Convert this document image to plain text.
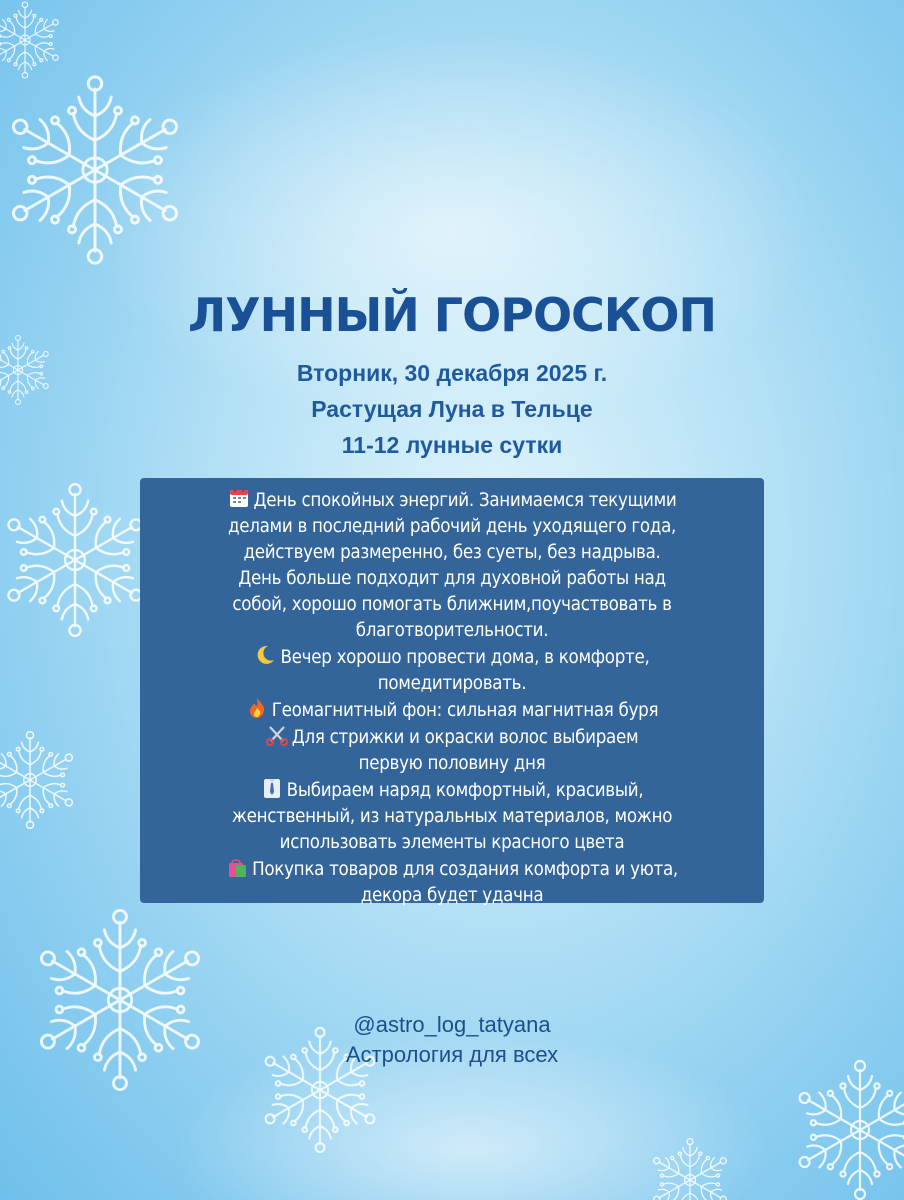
ЛУННЫЙ ГОРОСКОП
Вторник, 30 декабря 2025 г.
Растущая Луна в Тельце
11-12 лунные сутки

День спокойных энергий. Занимаемся текущими

делами в последний рабочий день уходящего года,

действуем размеренно, без суеты, без надрыва.

День больше подходит для духовной работы над

собой, хорошо помогать ближним,поучаствовать в

благотворительности.

Вечер хорошо провести дома, в комфорте,

помедитировать.

Геомагнитный фон: сильная магнитная буря

Для стрижки и окраски волос выбираем

первую половину дня

Выбираем наряд комфортный, красивый,

женственный, из натуральных материалов, можно

использовать элементы красного цвета

Покупка товаров для создания комфорта и уюта,

декора будет удачна

@astro_log_tatyana
Астрология для всех
